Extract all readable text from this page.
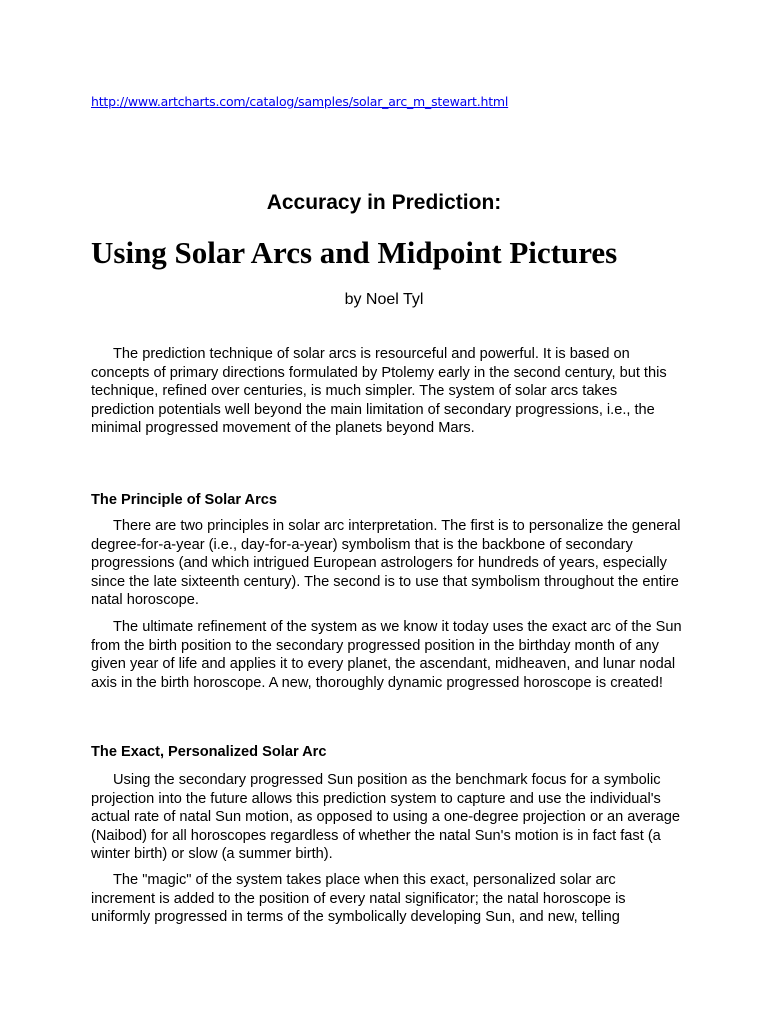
http://www.artcharts.com/catalog/samples/solar_arc_m_stewart.html
Accuracy in Prediction:
Using Solar Arcs and Midpoint Pictures
by Noel Tyl

The prediction technique of solar arcs is resourceful and powerful. It is based on concepts of primary directions formulated by Ptolemy early in the second century, but this technique, refined over centuries, is much simpler. The system of solar arcs takes prediction potentials well beyond the main limitation of secondary progressions, i.e., the minimal progressed movement of the planets beyond Mars.

The Principle of Solar Arcs

There are two principles in solar arc interpretation. The first is to personalize the general degree-for-a-year (i.e., day-for-a-year) symbolism that is the backbone of secondary progressions (and which intrigued European astrologers for hundreds of years, especially since the late sixteenth century). The second is to use that symbolism throughout the entire natal horoscope.

The ultimate refinement of the system as we know it today uses the exact arc of the Sun from the birth position to the secondary progressed position in the birthday month of any given year of life and applies it to every planet, the ascendant, midheaven, and lunar nodal axis in the birth horoscope. A new, thoroughly dynamic progressed horoscope is created!

The Exact, Personalized Solar Arc

Using the secondary progressed Sun position as the benchmark focus for a symbolic projection into the future allows this prediction system to capture and use the individual's actual rate of natal Sun motion, as opposed to using a one-degree projection or an average (Naibod) for all horoscopes regardless of whether the natal Sun's motion is in fact fast (a winter birth) or slow (a summer birth).

The "magic" of the system takes place when this exact, personalized solar arc increment is added to the position of every natal significator; the natal horoscope is uniformly progressed in terms of the symbolically developing Sun, and new, telling
